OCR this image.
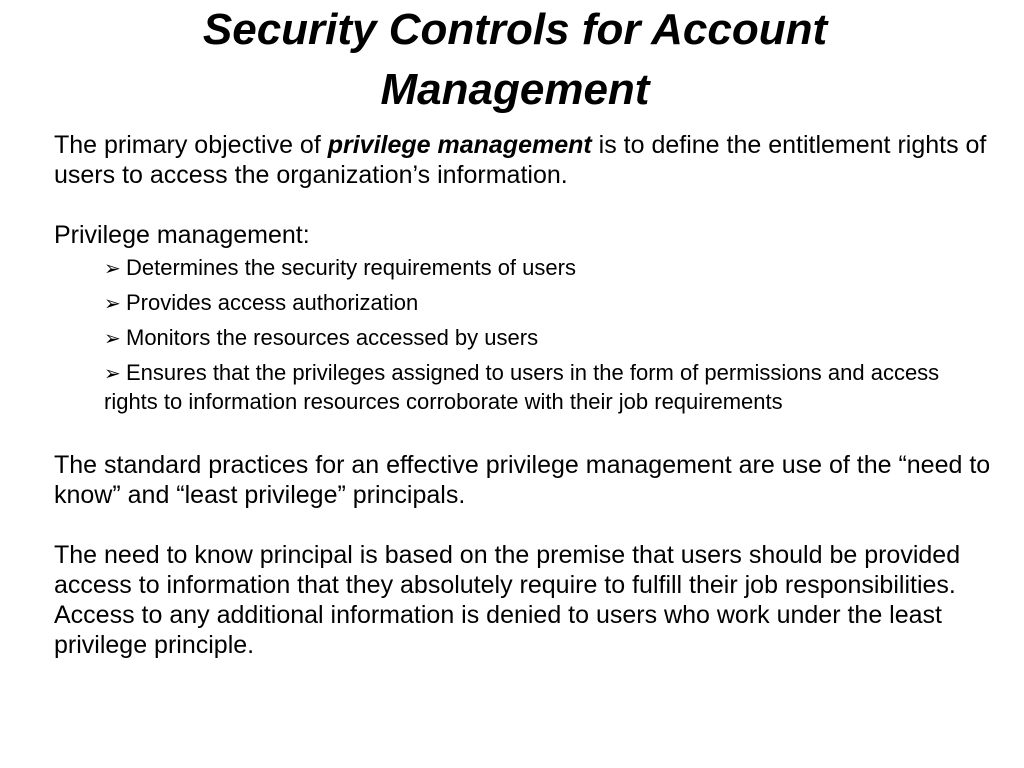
Security Controls for Account
Management

The primary objective of privilege management is to define the entitlement rights of users to access the organization’s information.

Privilege management:

➢ Determines the security requirements of users
➢ Provides access authorization
➢ Monitors the resources accessed by users
➢ Ensures that the privileges assigned to users in the form of permissions and access rights to information resources corroborate with their job requirements

The standard practices for an effective privilege management are use of the “need to know” and “least privilege” principals.

The need to know principal is based on the premise that users should be provided access to information that they absolutely require to fulfill their job responsibilities. Access to any additional information is denied to users who work under the least privilege principle.
